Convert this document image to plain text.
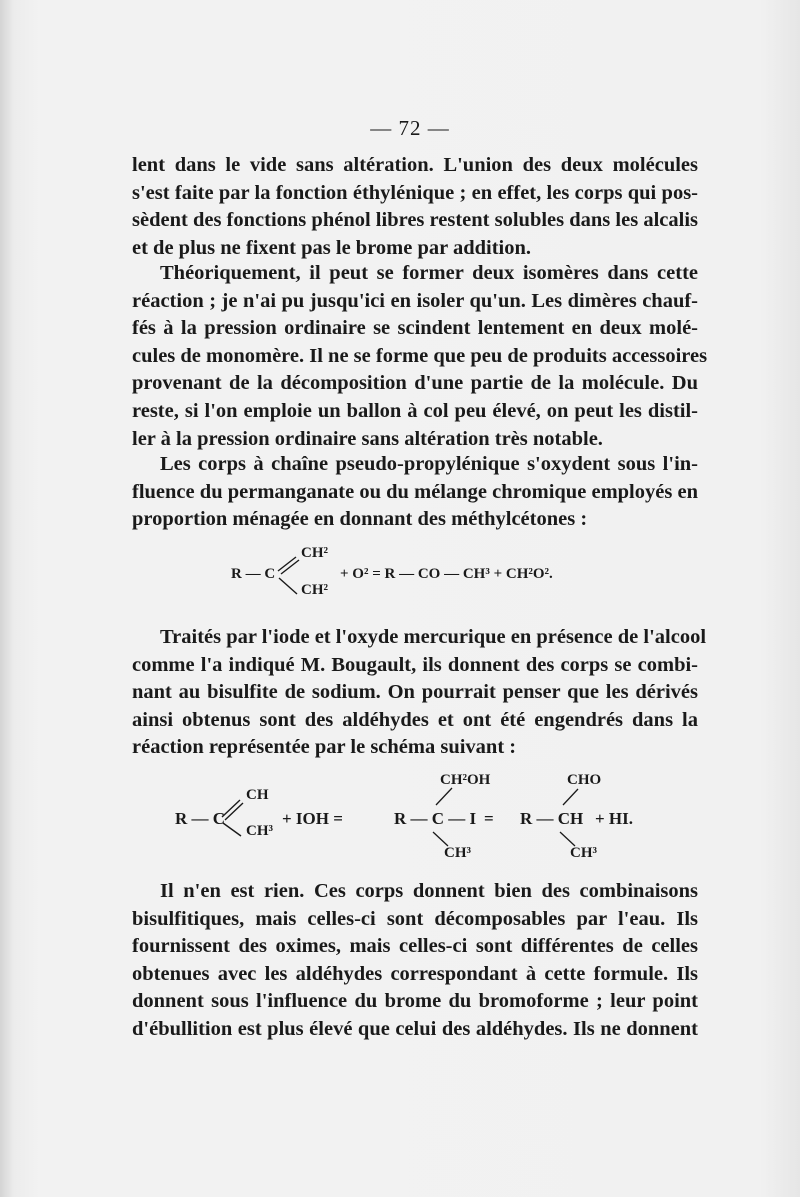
— 72 —
lent dans le vide sans altération. L'union des deux molécules
s'est faite par la fonction éthylénique ; en effet, les corps qui pos-
sèdent des fonctions phénol libres restent solubles dans les alcalis
et de plus ne fixent pas le brome par addition.
Théoriquement, il peut se former deux isomères dans cette
réaction ; je n'ai pu jusqu'ici en isoler qu'un. Les dimères chauf-
fés à la pression ordinaire se scindent lentement en deux molé-
cules de monomère. Il ne se forme que peu de produits accessoires
provenant de la décomposition d'une partie de la molécule. Du
reste, si l'on emploie un ballon à col peu élevé, on peut les distil-
ler à la pression ordinaire sans altération très notable.
Les corps à chaîne pseudo-propylénique s'oxydent sous l'in-
fluence du permanganate ou du mélange chromique employés en
proportion ménagée en donnant des méthylcétones :
R — C
CH²
CH²
+ O² = R — CO — CH³ + CH²O².
Traités par l'iode et l'oxyde mercurique en présence de l'alcool
comme l'a indiqué M. Bougault, ils donnent des corps se combi-
nant au bisulfite de sodium. On pourrait penser que les dérivés
ainsi obtenus sont des aldéhydes et ont été engendrés dans la
réaction représentée par le schéma suivant :
R — C
CH
CH³
+ IOH =
CH²OH
R — C — I
CH³
=
CHO
R — CH
CH³
+ HI.
Il n'en est rien. Ces corps donnent bien des combinaisons
bisulfitiques, mais celles-ci sont décomposables par l'eau. Ils
fournissent des oximes, mais celles-ci sont différentes de celles
obtenues avec les aldéhydes correspondant à cette formule. Ils
donnent sous l'influence du brome du bromoforme ; leur point
d'ébullition est plus élevé que celui des aldéhydes. Ils ne donnent
